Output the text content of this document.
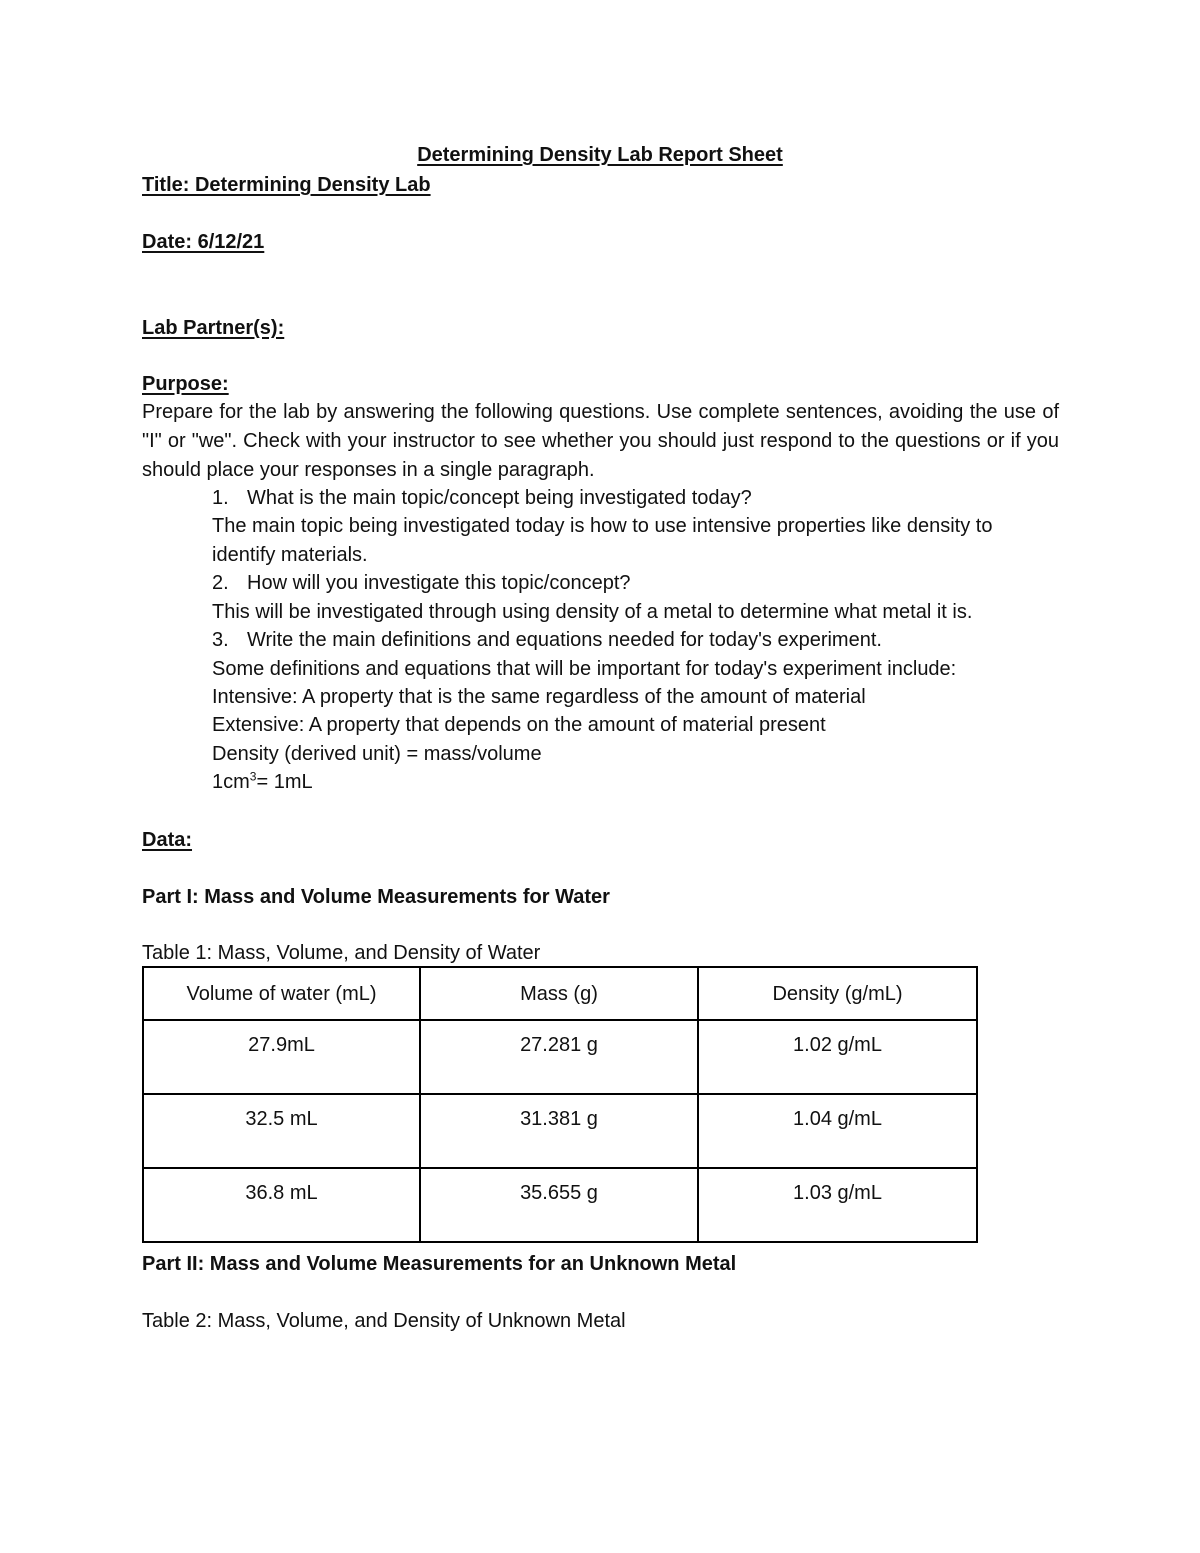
Determining Density Lab Report Sheet
Title: Determining Density Lab
Date: 6/12/21
Lab Partner(s):
Purpose:
Prepare for the lab by answering the following questions. Use complete sentences, avoiding the use of "I" or "we". Check with your instructor to see whether you should just respond to the questions or if you should place your responses in a single paragraph.
1. What is the main topic/concept being investigated today?
The main topic being investigated today is how to use intensive properties like density to
identify materials.
2. How will you investigate this topic/concept?
This will be investigated through using density of a metal to determine what metal it is.
3. Write the main definitions and equations needed for today's experiment.
Some definitions and equations that will be important for today's experiment include:
Intensive: A property that is the same regardless of the amount of material
Extensive: A property that depends on the amount of material present
Density (derived unit) = mass/volume
$1cm^3= 1mL$
Data:
Part I: Mass and Volume Measurements for Water
Table 1: Mass, Volume, and Density of Water
Volume of water (mL)	Mass (g)	Density (g/mL)
27.9mL	27.281 g	1.02 g/mL
32.5 mL	31.381 g	1.04 g/mL
36.8 mL	35.655 g	1.03 g/mL
Part II: Mass and Volume Measurements for an Unknown Metal
Table 2: Mass, Volume, and Density of Unknown Metal
